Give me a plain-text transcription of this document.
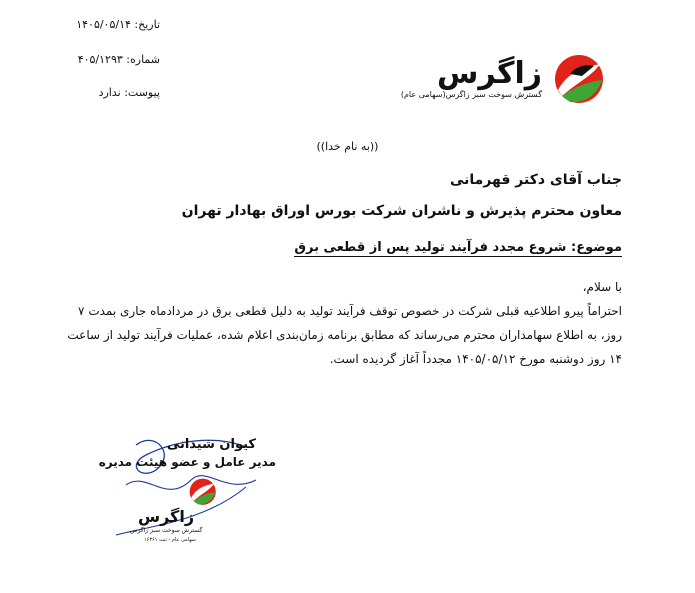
تاریخ: ۱۴۰۵/۰۵/۱۴
شماره: ۴۰۵/۱۲۹۳
پیوست: ندارد
زاگرس
گسترش سوخت سبز زاگرس(سهامی عام)
((به نام خدا))
جناب آقای دکتر قهرمانی
معاون محترم پذیرش و ناشران شرکت بورس اوراق بهادار تهران
موضوع: شروع مجدد فرآیند تولید پس از قطعی برق

با سلام،

احتراماً پیرو اطلاعیه قبلی شرکت در خصوص توقف فرآیند تولید به دلیل قطعی برق در مردادماه جاری بمدت ۷ روز، به اطلاع سهامداران محترم می‌رساند که مطابق برنامه زمان‌بندی اعلام شده، عملیات فرآیند تولید از ساعت ۱۴ روز دوشنبه مورخ ۱۴۰۵/۰۵/۱۲ مجدداً آغاز گردیده است.

کیوان شیدانی
مدیر عامل و عضو هیئت مدیره
زاگرس
گسترش سوخت سبز زاگرس
سهامی عام - ثبت ۱۶۳۶۱
